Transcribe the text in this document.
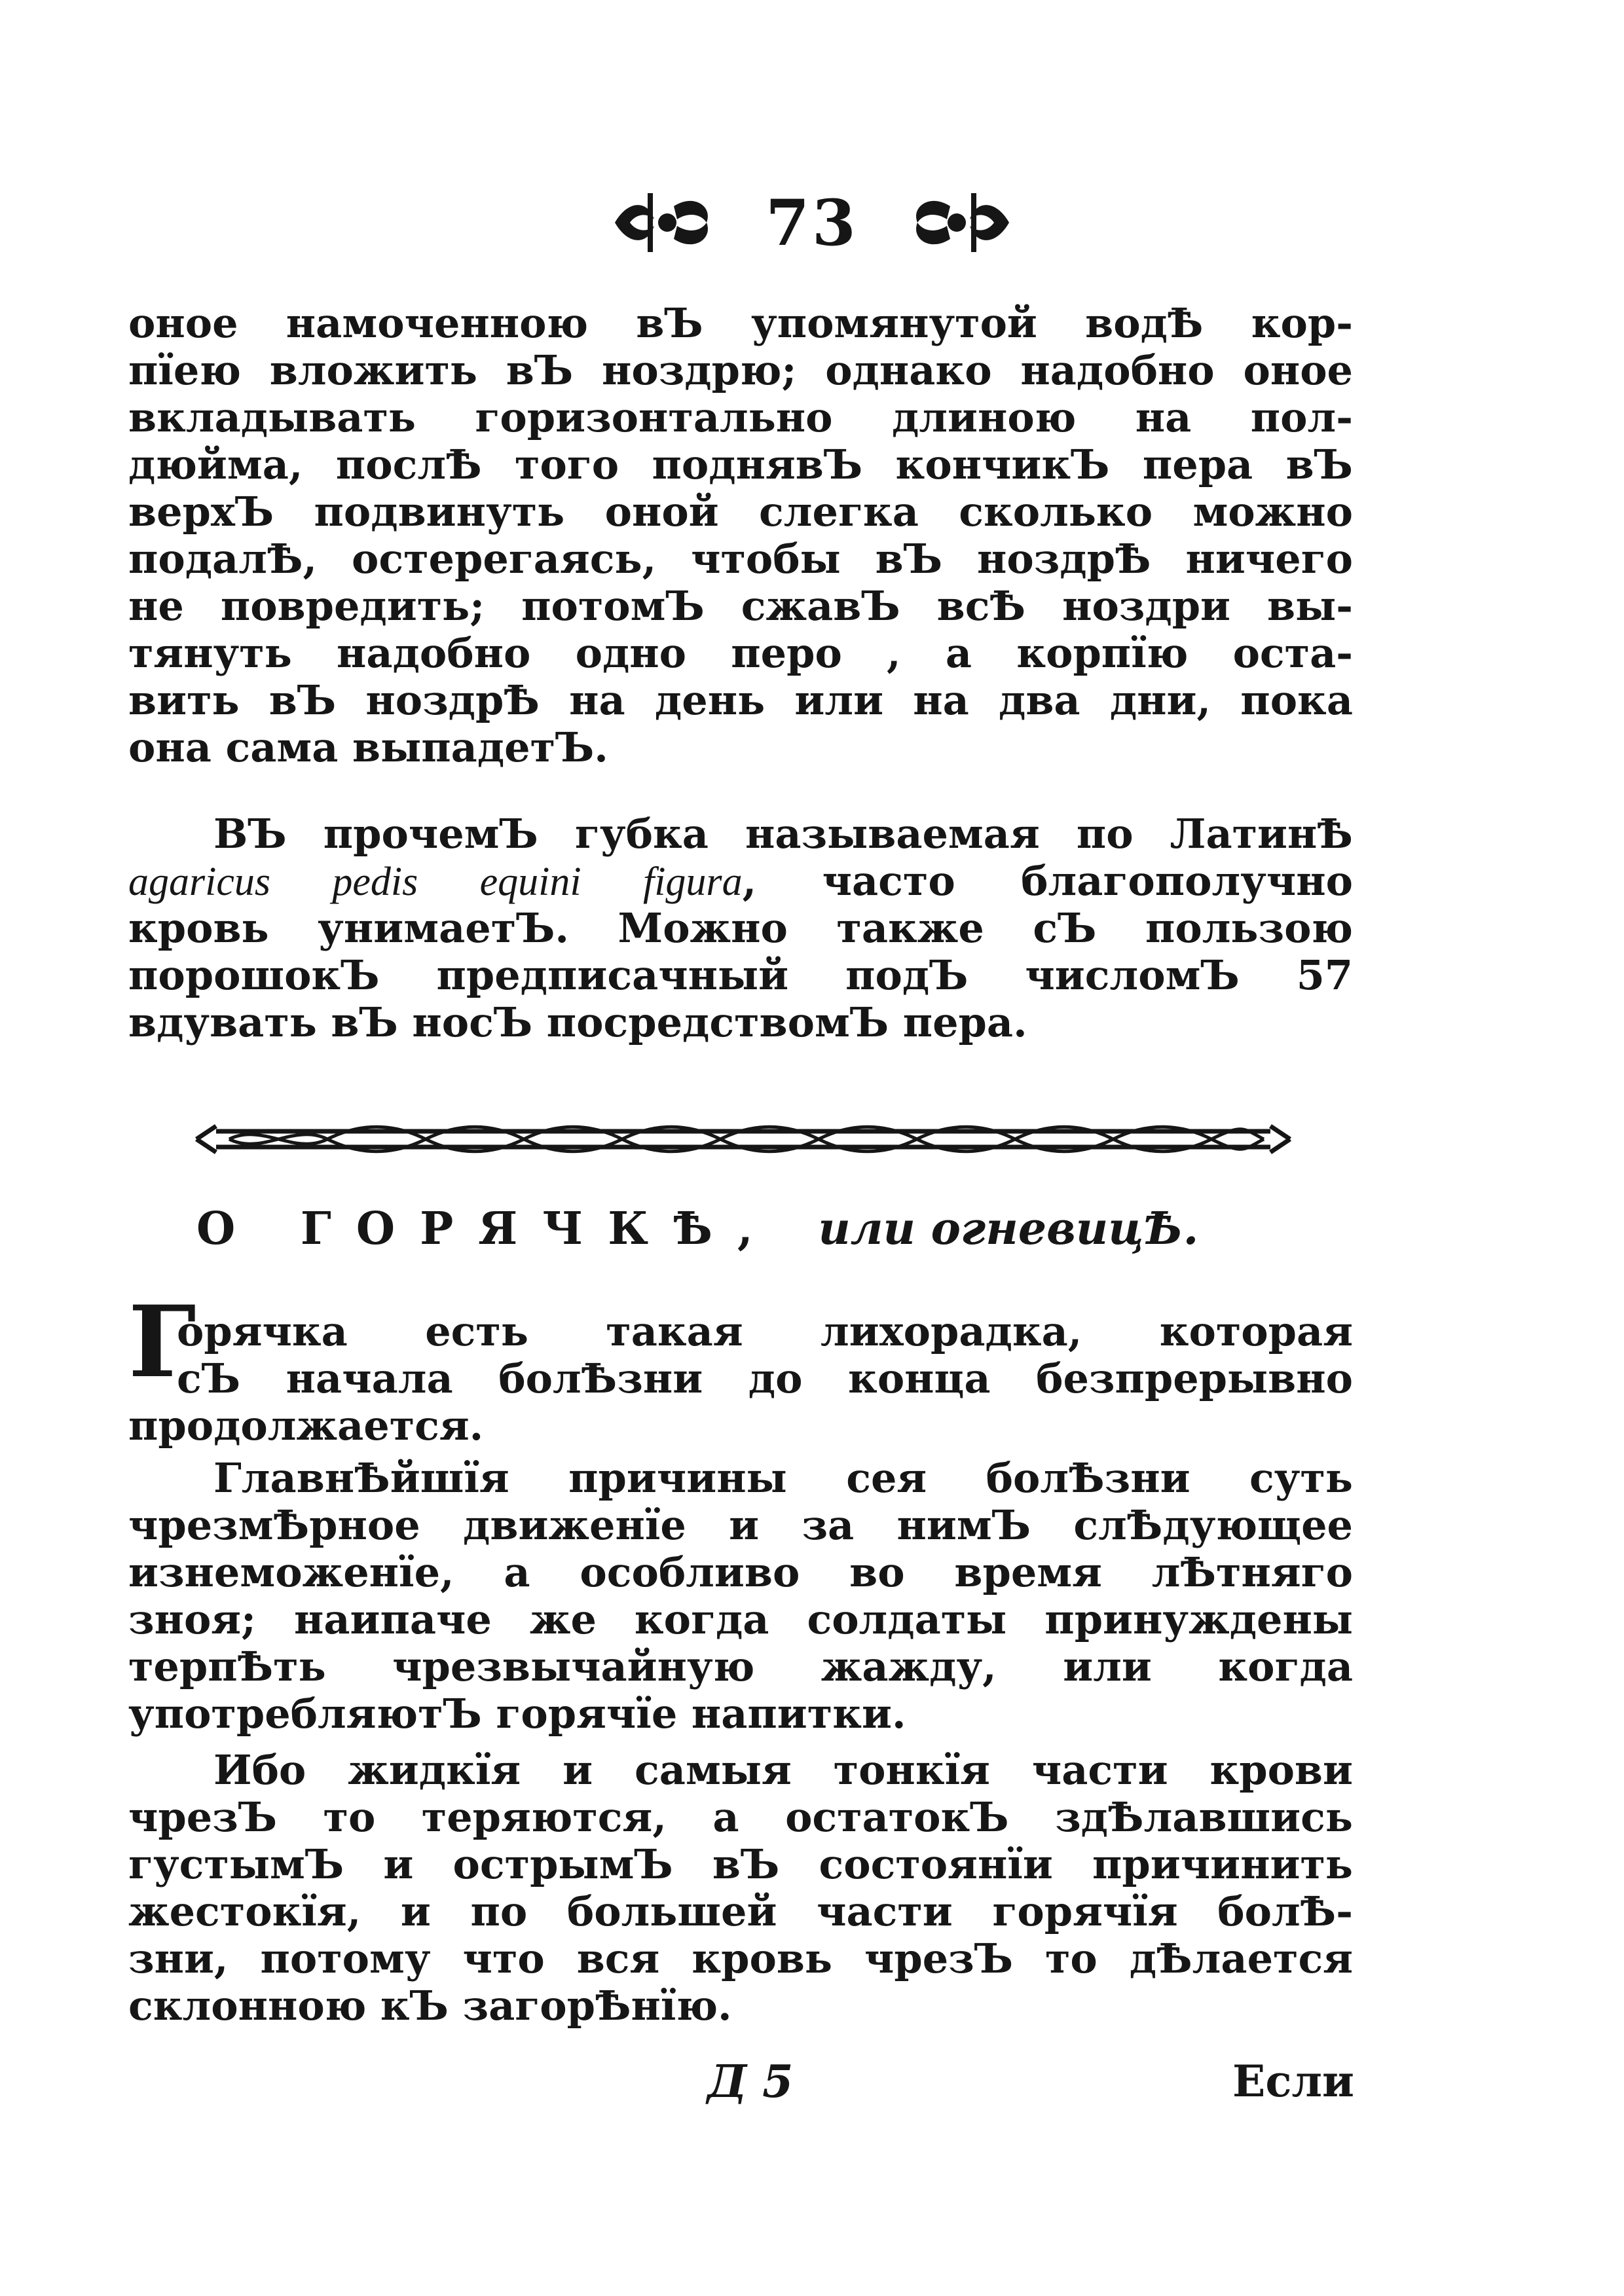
73
оное намоченною вЪ упомянутой водѢ кор-
пїею вложить вЪ ноздрю; однако надобно оное
вкладывать горизонтально длиною на пол-
дюйма, послѢ того поднявЪ кончикЪ пера вЪ
верхЪ подвинуть оной слегка сколько можно
подалѢ, остерегаясь, чтобы вЪ ноздрѢ ничего
не повредить; потомЪ сжавЪ всѢ ноздри вы-
тянуть надобно одно перо , а корпїю оста-
вить вЪ ноздрѢ на день или на два дни, пока
она сама выпадетЪ.
ВЪ прочемЪ губка называемая по ЛатинѢ
agaricus pedis equini figura, часто благополучно
кровь унимаетЪ. Можно также сЪ пользою
порошокЪ предписачный подЪ числомЪ 57
вдувать вЪ носЪ посредствомЪ пера.
О ГОРЯЧКѢ, или огневицѢ.
Г
орячка есть такая лихорадка, которая
сЪ начала болѢзни до конца безпрерывно
продолжается.
ГлавнѢйшїя причины сея болѢзни суть
чрезмѢрное движенїе и за нимЪ слѢдующее
изнеможенїе, а особливо во время лѢтняго
зноя; наипаче же когда солдаты принуждены
терпѢть чрезвычайную жажду, или когда
употребляютЪ горячїе напитки.
Ибо жидкїя и самыя тонкїя части крови
чрезЪ то теряются, а остатокЪ здѢлавшись
густымЪ и острымЪ вЪ состоянїи причинить
жестокїя, и по большей части горячїя болѢ-
зни, потому что вся кровь чрезЪ то дѢлается
склонною кЪ загорѢнїю.
Д 5	Если
